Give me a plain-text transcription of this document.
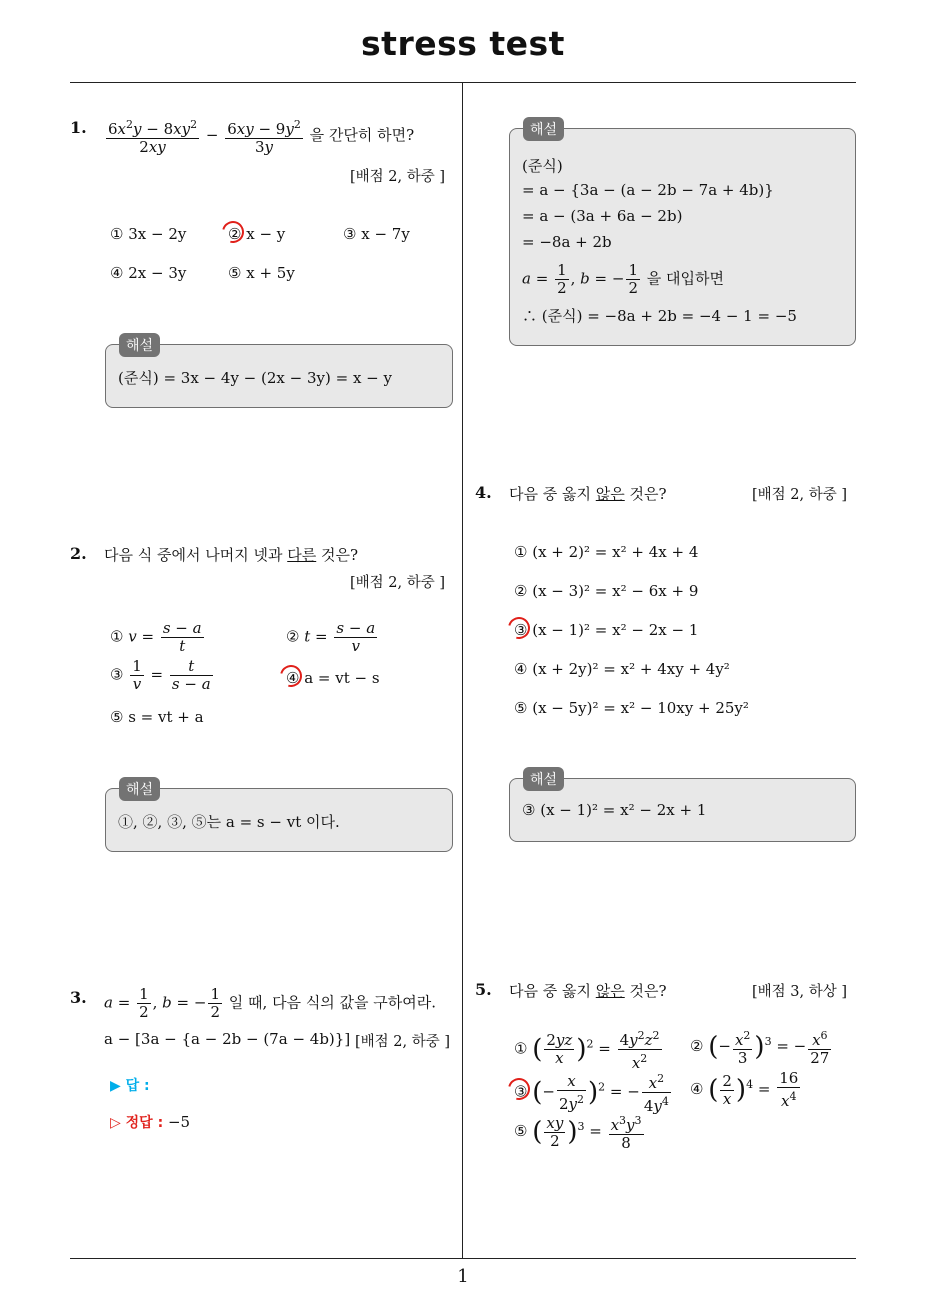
stress test
1
1. $\frac{6x^2y - 8xy^2}{2xy} - \frac{6xy - 9y^2}{3y}$ 을 간단히 하면?
[배점 2, 하중 ]
① 3x − 2y	② x − y	③ x − 7y
④ 2x − 3y	⑤ x + 5y
(준식) = 3x − 4y − (2x − 3y) = x − y
해설
2. 다음 식 중에서 나머지 넷과 다른 것은?
[배점 2, 하중 ]
① $v = \frac{s - a}{t}$	② $t = \frac{s - a}{v}$
③ $\frac{1}{v} = \frac{t}{s - a}$	④ a = vt − s
⑤ s = vt + a
①, ②, ③, ⑤는 a = s − vt 이다.
해설
3. $a = \frac{1}{2}$ , b = − $\frac{1}{2}$ 일 때, 다음 식의 값을 구하여라.
a − [3a − {a − 2b − (7a − 4b)}] [배점 2, 하중 ]
▶ 답 :
▷ 정답 : −5
(준식)
= a − {3a − (a − 2b − 7a + 4b)}
= a − (3a + 6a − 2b)
= −8a + 2b
$a = \frac{1}{2}$ , b = − $\frac{1}{2}$ 을 대입하면
∴ (준식) = −8a + 2b = −4 − 1 = −5
해설
4. 다음 중 옳지 않은 것은?	[배점 2, 하중 ]
① (x + 2)² = x² + 4x + 4
② (x − 3)² = x² − 6x + 9
③ (x − 1)² = x² − 2x − 1
④ (x + 2y)² = x² + 4xy + 4y²
⑤ (x − 5y)² = x² − 10xy + 25y²
③ (x − 1)² = x² − 2x + 1
해설
5. 다음 중 옳지 않은 것은?	[배점 3, 하상 ]
① ( $\frac{2yz}{x} )^2 = \frac{4y^2z^2}{x^2}$ ② (− $\frac{x^2}{3} )^3$ = − $\frac{x^6}{27}$
③ (− $\frac{x}{2y^2} )^2$ = − $\frac{x^2}{4y^4}$ ④ ( $\frac{2}{x} )^4 = \frac{16}{x^4}$
⑤ ( $\frac{xy}{2} )^3 = \frac{x^3y^3}{8}$
